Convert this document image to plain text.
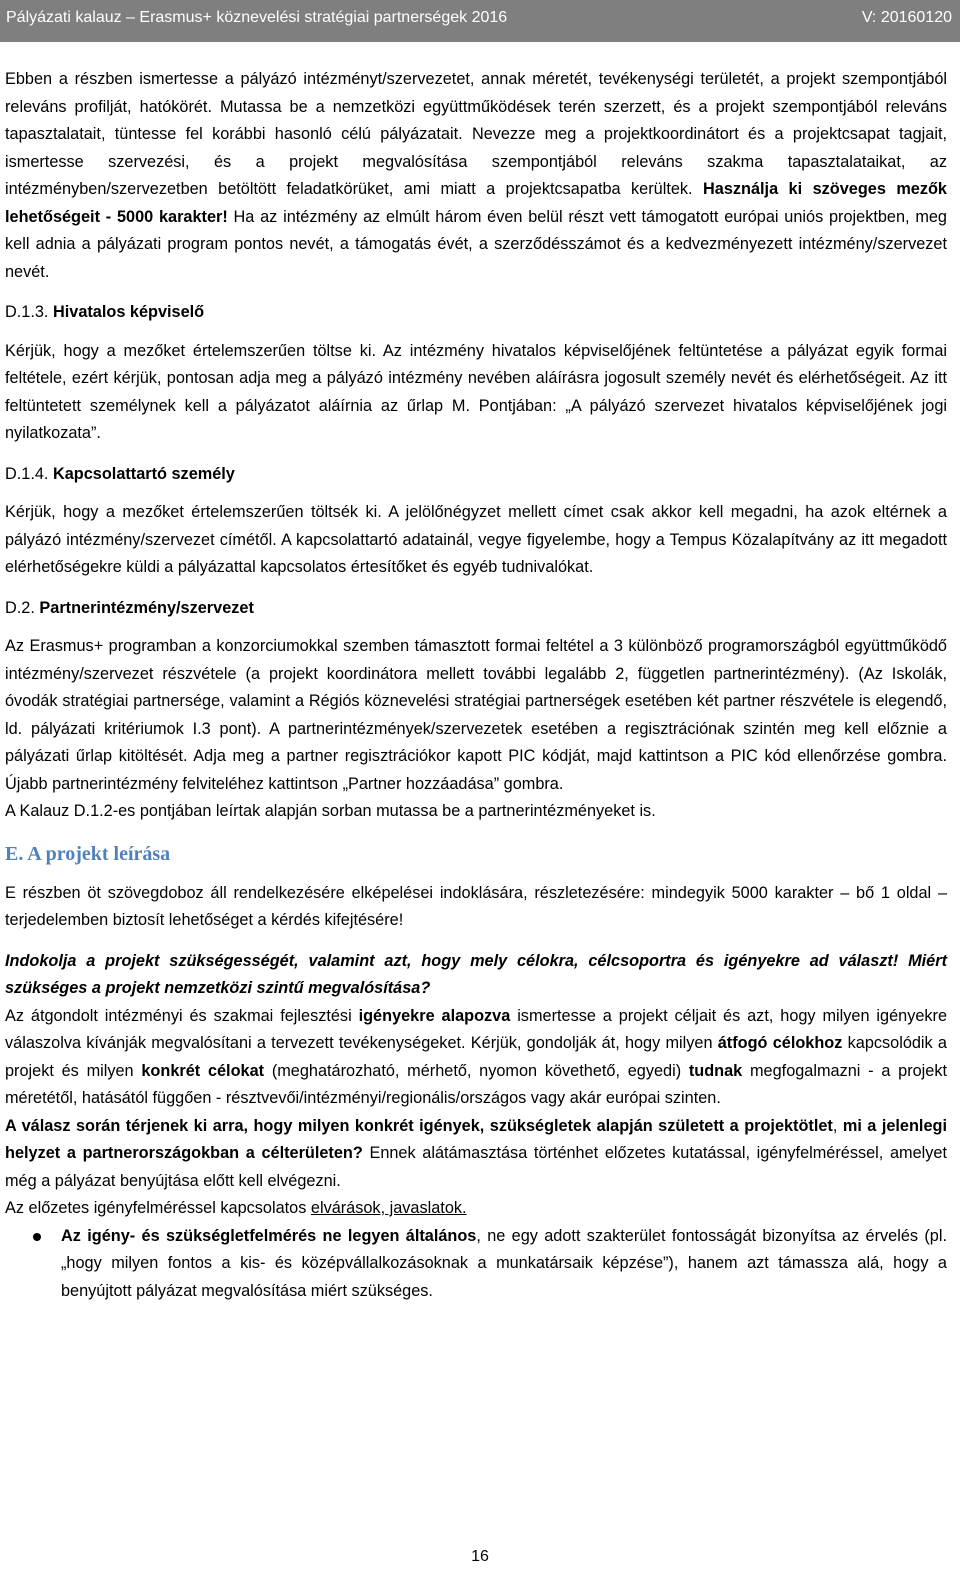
Pályázati kalauz – Erasmus+ köznevelési stratégiai partnerségek 2016	V: 20160120

Ebben a részben ismertesse a pályázó intézményt/szervezetet, annak méretét, tevékenységi területét, a projekt szempontjából releváns profilját, hatókörét. Mutassa be a nemzetközi együttműködések terén szerzett, és a projekt szempontjából releváns tapasztalatait, tüntesse fel korábbi hasonló célú pályázatait. Nevezze meg a projektkoordinátort és a projektcsapat tagjait, ismertesse szervezési, és a projekt megvalósítása szempontjából releváns szakma tapasztalataikat, az intézményben/szervezetben betöltött feladatkörüket, ami miatt a projektcsapatba kerültek. Használja ki szöveges mezők lehetőségeit - 5000 karakter! Ha az intézmény az elmúlt három éven belül részt vett támogatott európai uniós projektben, meg kell adnia a pályázati program pontos nevét, a támogatás évét, a szerződésszámot és a kedvezményezett intézmény/szervezet nevét.

D.1.3. Hivatalos képviselő

Kérjük, hogy a mezőket értelemszerűen töltse ki. Az intézmény hivatalos képviselőjének feltüntetése a pályázat egyik formai feltétele, ezért kérjük, pontosan adja meg a pályázó intézmény nevében aláírásra jogosult személy nevét és elérhetőségeit. Az itt feltüntetett személynek kell a pályázatot aláírnia az űrlap M. Pontjában: „A pályázó szervezet hivatalos képviselőjének jogi nyilatkozata”.

D.1.4. Kapcsolattartó személy

Kérjük, hogy a mezőket értelemszerűen töltsék ki. A jelölőnégyzet mellett címet csak akkor kell megadni, ha azok eltérnek a pályázó intézmény/szervezet címétől. A kapcsolattartó adatainál, vegye figyelembe, hogy a Tempus Közalapítvány az itt megadott elérhetőségekre küldi a pályázattal kapcsolatos értesítőket és egyéb tudnivalókat.

D.2. Partnerintézmény/szervezet

Az Erasmus+ programban a konzorciumokkal szemben támasztott formai feltétel a 3 különböző programországból együttműködő intézmény/szervezet részvétele (a projekt koordinátora mellett további legalább 2, független partnerintézmény). (Az Iskolák, óvodák stratégiai partnersége, valamint a Régiós köznevelési stratégiai partnerségek esetében két partner részvétele is elegendő, ld. pályázati kritériumok I.3 pont). A partnerintézmények/szervezetek esetében a regisztrációnak szintén meg kell előznie a pályázati űrlap kitöltését. Adja meg a partner regisztrációkor kapott PIC kódját, majd kattintson a PIC kód ellenőrzése gombra. Újabb partnerintézmény felviteléhez kattintson „Partner hozzáadása” gombra.

A Kalauz D.1.2-es pontjában leírtak alapján sorban mutassa be a partnerintézményeket is.

E. A projekt leírása

E részben öt szövegdoboz áll rendelkezésére elképelései indoklására, részletezésére: mindegyik 5000 karakter – bő 1 oldal – terjedelemben biztosít lehetőséget a kérdés kifejtésére!

Indokolja a projekt szükségességét, valamint azt, hogy mely célokra, célcsoportra és igényekre ad választ! Miért szükséges a projekt nemzetközi szintű megvalósítása?

Az átgondolt intézményi és szakmai fejlesztési igényekre alapozva ismertesse a projekt céljait és azt, hogy milyen igényekre válaszolva kívánják megvalósítani a tervezett tevékenységeket. Kérjük, gondolják át, hogy milyen átfogó célokhoz kapcsolódik a projekt és milyen konkrét célokat (meghatározható, mérhető, nyomon követhető, egyedi) tudnak megfogalmazni - a projekt méretétől, hatásától függően - résztvevői/intézményi/regionális/országos vagy akár európai szinten.

A válasz során térjenek ki arra, hogy milyen konkrét igények, szükségletek alapján született a projektötlet, mi a jelenlegi helyzet a partnerországokban a célterületen? Ennek alátámasztása történhet előzetes kutatással, igényfelméréssel, amelyet még a pályázat benyújtása előtt kell elvégezni.

Az előzetes igényfelméréssel kapcsolatos elvárások, javaslatok.

Az igény- és szükségletfelmérés ne legyen általános, ne egy adott szakterület fontosságát bizonyítsa az érvelés (pl. „hogy milyen fontos a kis- és középvállalkozásoknak a munkatársaik képzése”), hanem azt támassza alá, hogy a benyújtott pályázat megvalósítása miért szükséges.
16
